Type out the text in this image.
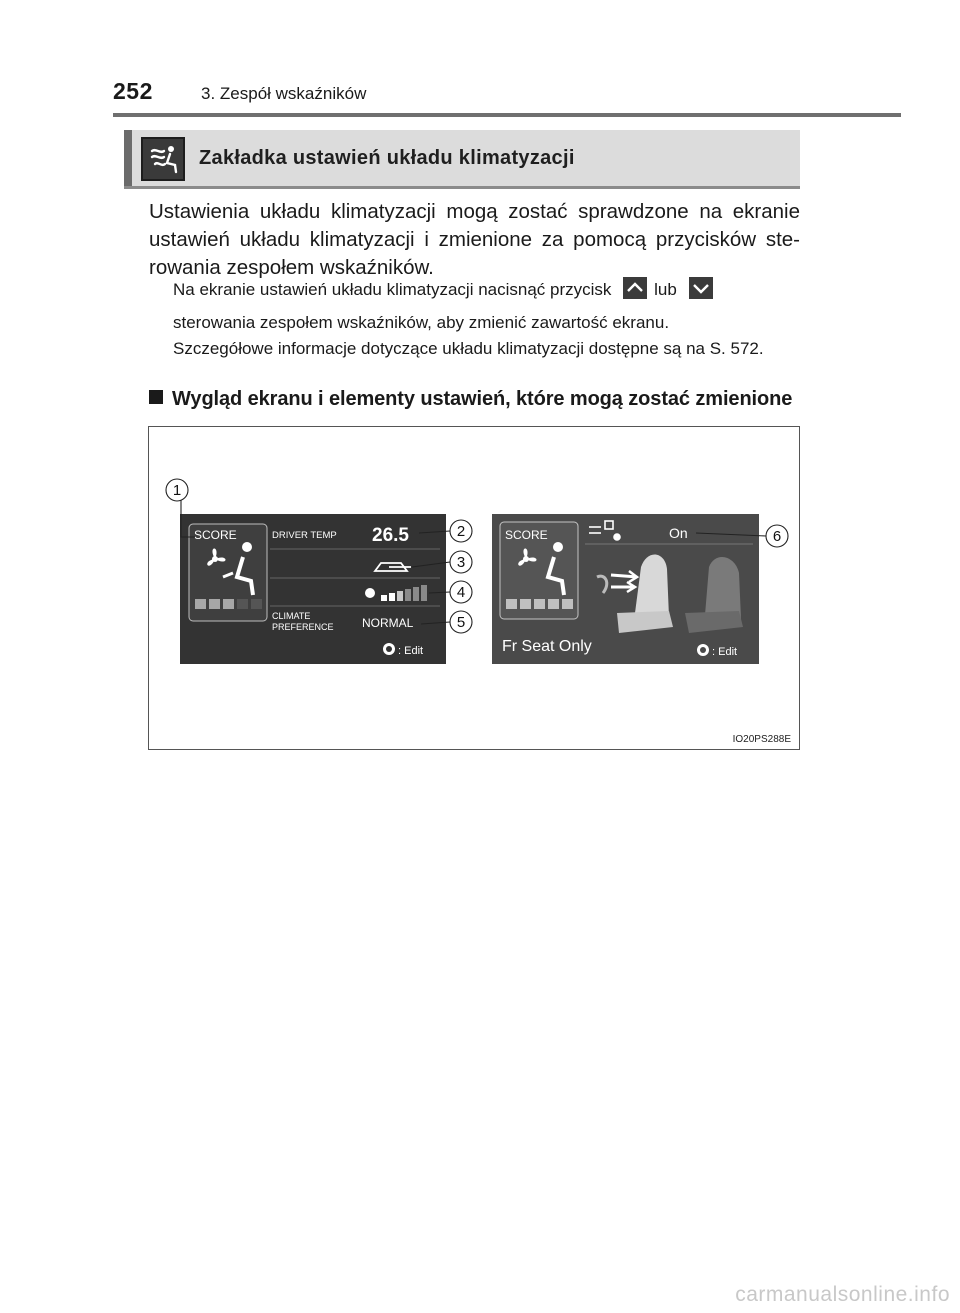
252	3. Zespół wskaźników
Zakładka ustawień układu klimatyzacji
Ustawienia układu klimatyzacji mogą zostać sprawdzone na ekranie ustawień układu klimatyzacji i zmienione za pomocą przycisków ste-rowania zespołem wskaźników.
Na ekranie ustawień układu klimatyzacji nacisnąć przycisk	lub
sterowania zespołem wskaźników, aby zmienić zawartość ekranu.
Szczegółowe informacje dotyczące układu klimatyzacji dostępne są na S. 572.
Wygląd ekranu i elementy ustawień, które mogą zostać zmienione
SCORE	DRIVER TEMP 26.5
CLIMATE
PREFERENCE NORMAL
: Edit
SCORE	On
Fr Seat Only	: Edit
1
2
3
4
5
6
IO20PS288E
carmanualsonline.info
